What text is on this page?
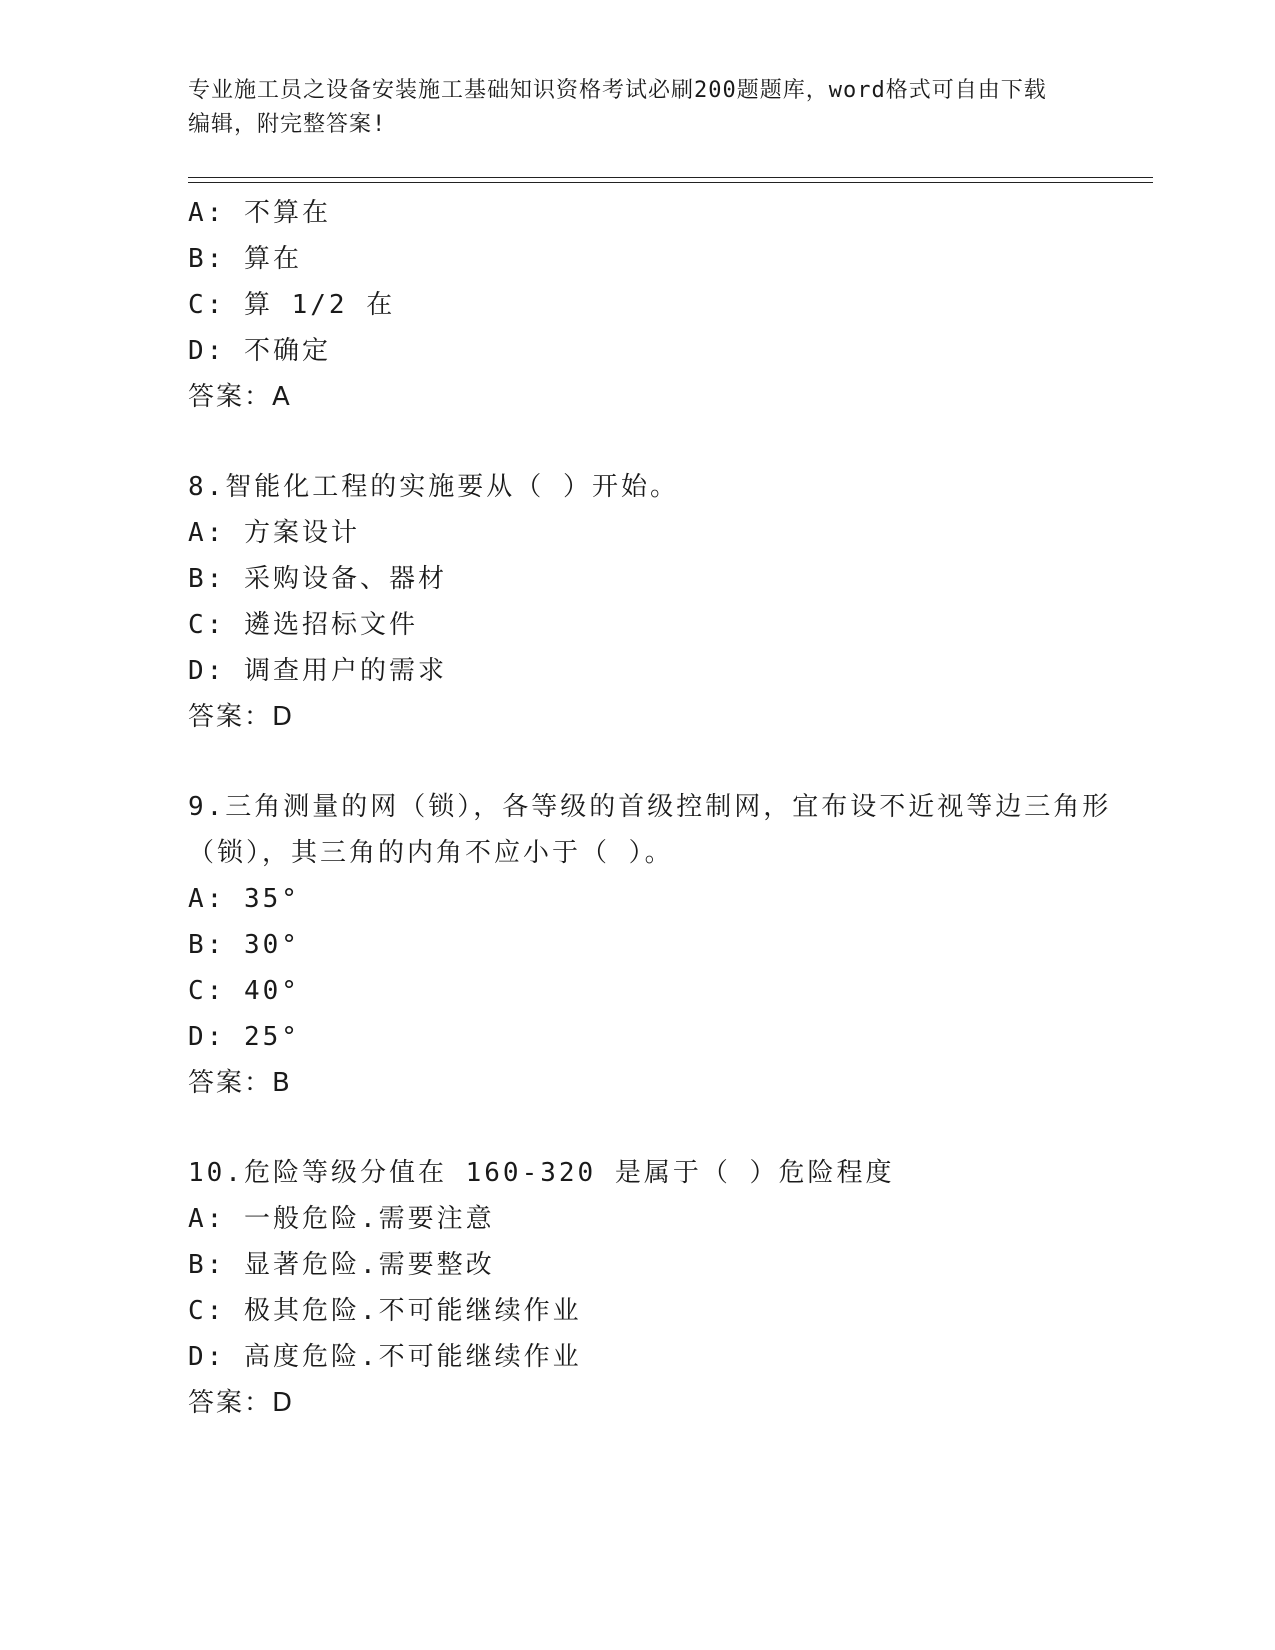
专业施工员之设备安装施工基础知识资格考试必刷200题题库，word格式可自由下载编辑，附完整答案!
A: 不算在
B: 算在
C: 算 1/2 在
D: 不确定
答案：A
8.智能化工程的实施要从（ ）开始。
A: 方案设计
B: 采购设备、器材
C: 遴选招标文件
D: 调查用户的需求
答案：D
9.三角测量的网（锁），各等级的首级控制网，宜布设不近视等边三角形（锁），其三角的内角不应小于（ ）。
A: 35°
B: 30°
C: 40°
D: 25°
答案：B
10.危险等级分值在 160-320 是属于（ ）危险程度
A: 一般危险.需要注意
B: 显著危险.需要整改
C: 极其危险.不可能继续作业
D: 高度危险.不可能继续作业
答案：D
